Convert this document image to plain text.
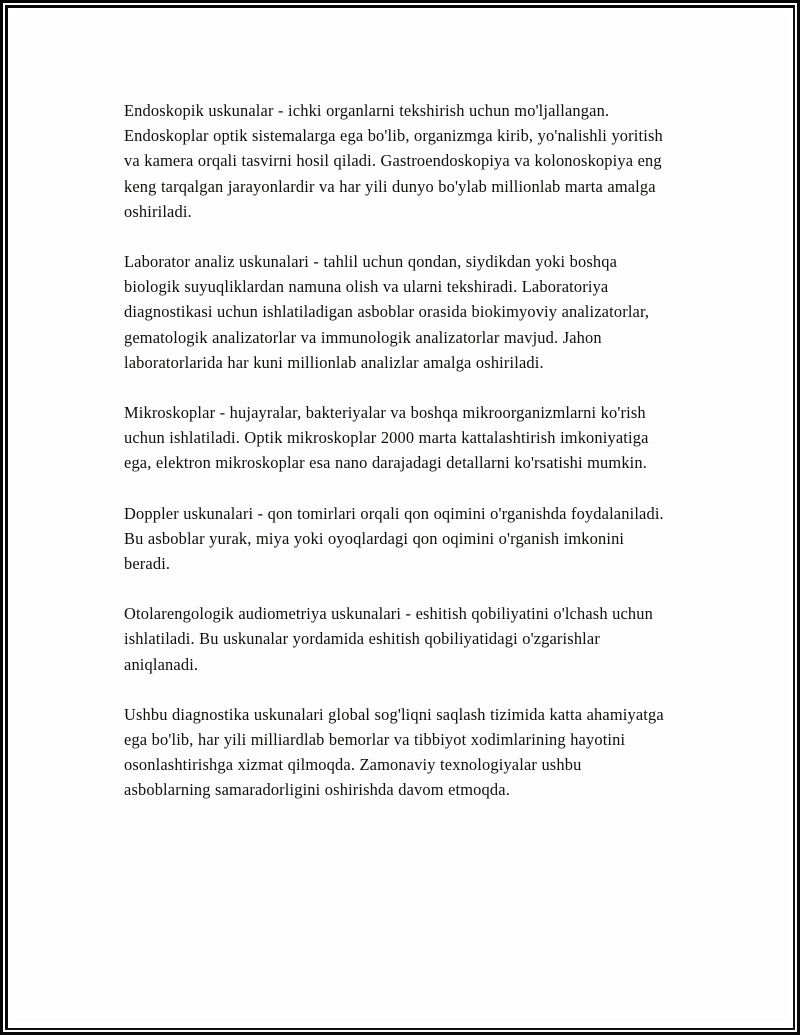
Endoskopik uskunalar - ichki organlarni tekshirish uchun mo'ljallangan. Endoskoplar optik sistemalarga ega bo'lib, organizmga kirib, yo'nalishli yoritish va kamera orqali tasvirni hosil qiladi. Gastroendoskopiya va kolonoskopiya eng keng tarqalgan jarayonlardir va har yili dunyo bo'ylab millionlab marta amalga oshiriladi.

Laborator analiz uskunalari - tahlil uchun qondan, siydikdan yoki boshqa biologik suyuqliklardan namuna olish va ularni tekshiradi. Laboratoriya diagnostikasi uchun ishlatiladigan asboblar orasida biokimyoviy analizatorlar, gematologik analizatorlar va immunologik analizatorlar mavjud. Jahon laboratorlarida har kuni millionlab analizlar amalga oshiriladi.

Mikroskoplar - hujayralar, bakteriyalar va boshqa mikroorganizmlarni ko'rish uchun ishlatiladi. Optik mikroskoplar 2000 marta kattalashtirish imkoniyatiga ega, elektron mikroskoplar esa nano darajadagi detallarni ko'rsatishi mumkin.

Doppler uskunalari - qon tomirlari orqali qon oqimini o'rganishda foydalaniladi. Bu asboblar yurak, miya yoki oyoqlardagi qon oqimini o'rganish imkonini beradi.

Otolarengologik audiometriya uskunalari - eshitish qobiliyatini o'lchash uchun ishlatiladi. Bu uskunalar yordamida eshitish qobiliyatidagi o'zgarishlar aniqlanadi.

Ushbu diagnostika uskunalari global sog'liqni saqlash tizimida katta ahamiyatga ega bo'lib, har yili milliardlab bemorlar va tibbiyot xodimlarining hayotini osonlashtirishga xizmat qilmoqda. Zamonaviy texnologiyalar ushbu asboblarning samaradorligini oshirishda davom etmoqda.
